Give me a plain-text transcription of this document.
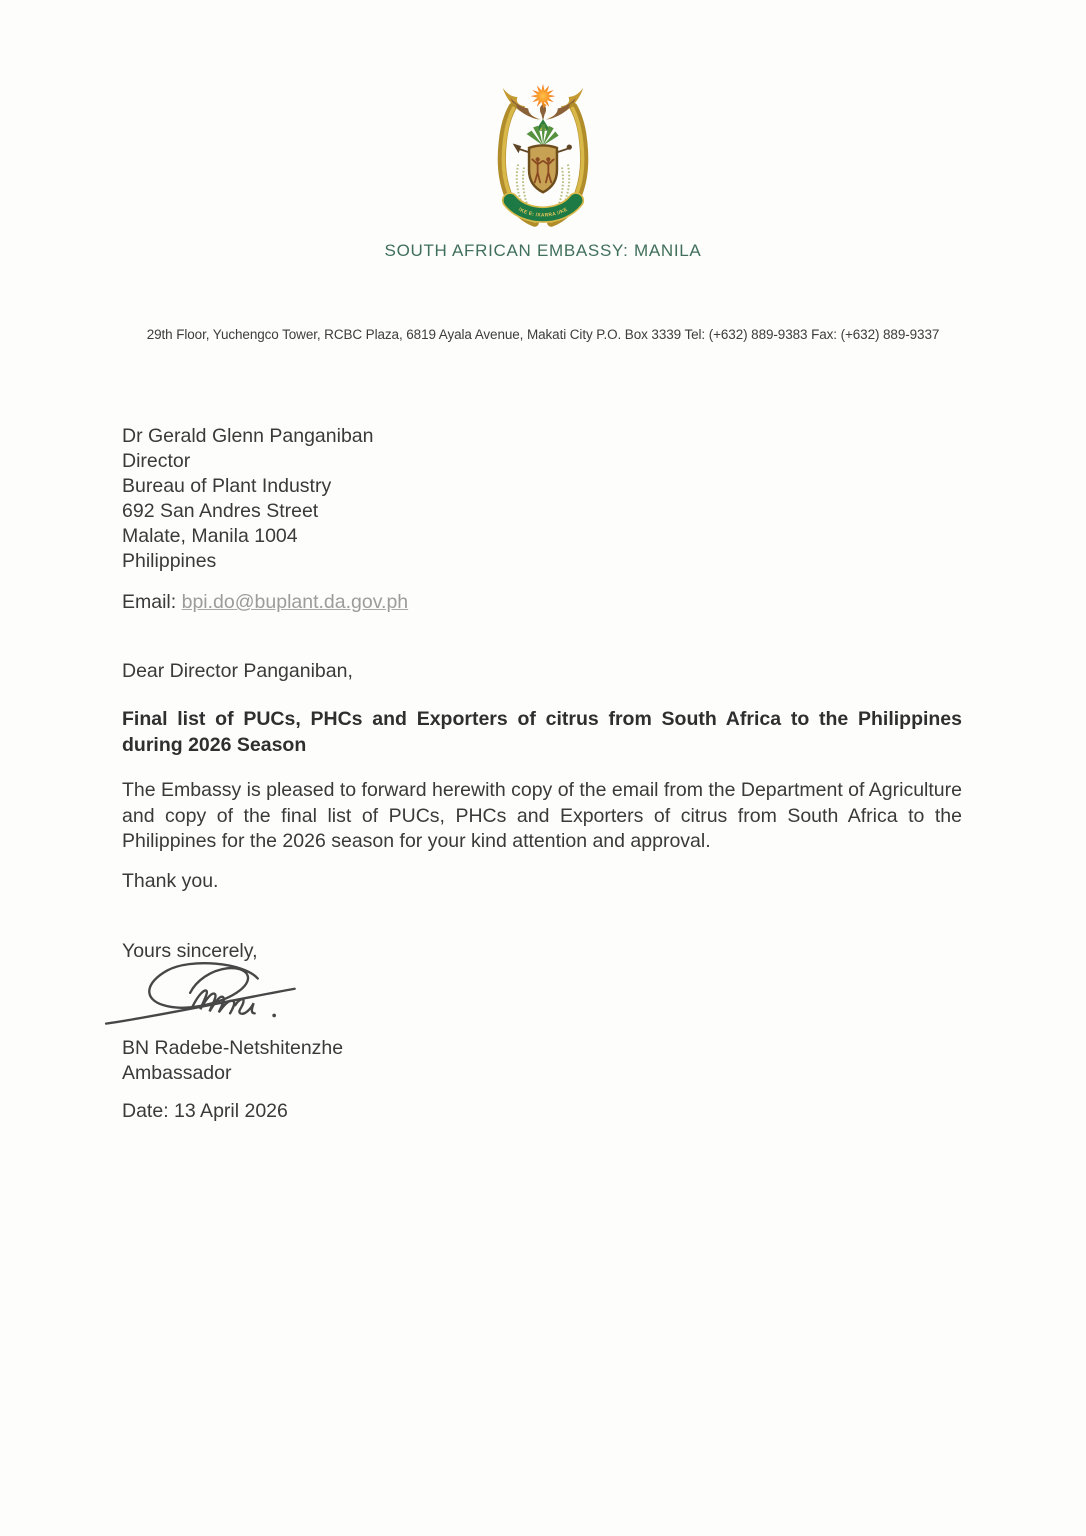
!KE E: /XARRA //KE
SOUTH AFRICAN EMBASSY: MANILA
29th Floor, Yuchengco Tower, RCBC Plaza, 6819 Ayala Avenue, Makati City P.O. Box 3339 Tel: (+632) 889-9383 Fax: (+632) 889-9337
Dr Gerald Glenn Panganiban
Director
Bureau of Plant Industry
692 San Andres Street
Malate, Manila 1004
Philippines
Email: bpi.do@buplant.da.gov.ph
Dear Director Panganiban,
Final list of PUCs, PHCs and Exporters of citrus from South Africa to the Philippines
during 2026 Season
The Embassy is pleased to forward herewith copy of the email from the Department of Agriculture and copy of the final list of PUCs, PHCs and Exporters of citrus from South Africa to the Philippines for the 2026 season for your kind attention and approval.
Thank you.
Yours sincerely,
BN Radebe-Netshitenzhe
Ambassador
Date: 13 April 2026
